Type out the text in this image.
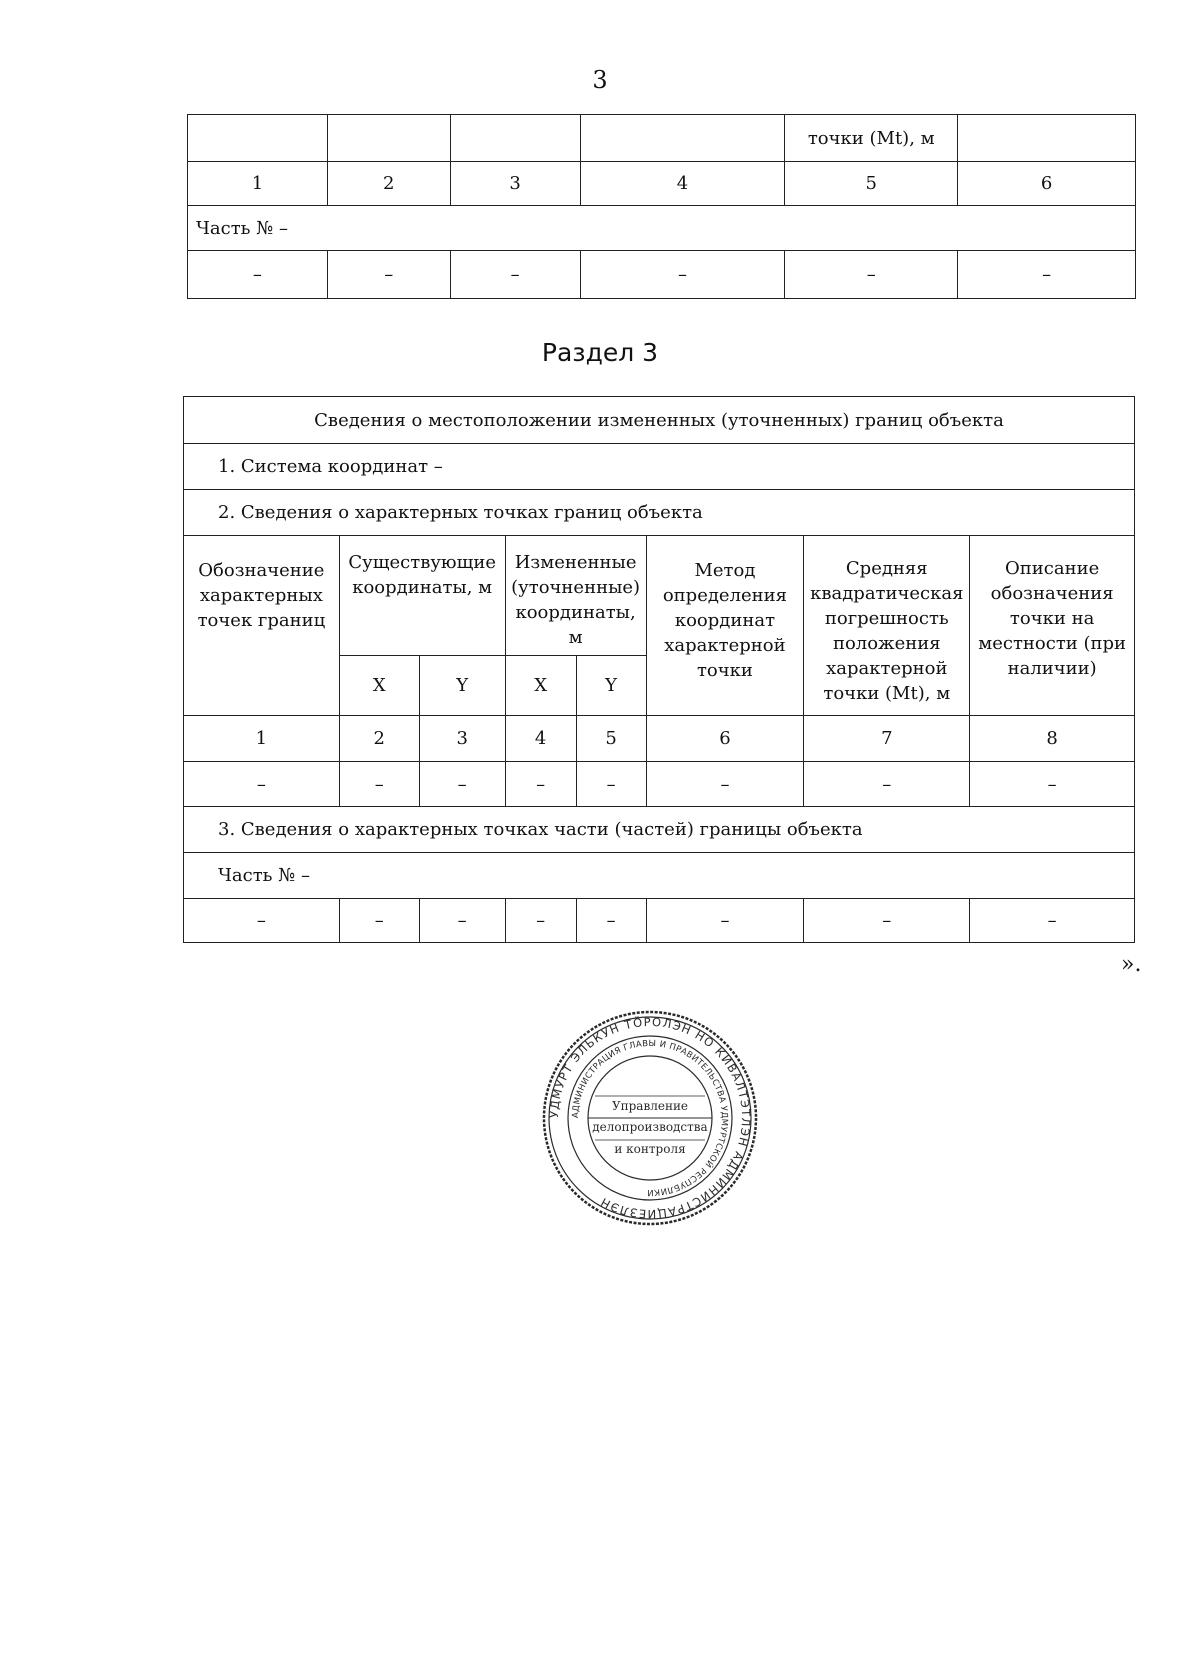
3
				точки (Mt), м	
1	2	3	4	5	6
Часть № –					
–	–	–	–	–	–
Раздел 3
Сведения о местоположении измененных (уточненных) границ объекта							
1. Система координат –							
2. Сведения о характерных точках границ объекта							
Обозначение характерных точек границ	Существующие координаты, м		Измененные (уточненные) координаты, м		Метод определения координат характерной точки	Средняя квадратическая погрешность положения характерной точки (Mt), м	Описание обозначения точки на местности (при наличии)
	X	Y	X	Y			
1	2	3	4	5	6	7	8
–	–	–	–	–	–	–	–
3. Сведения о характерных точках части (частей) границы объекта							
Часть № –							
–	–	–	–	–	–	–	–
».
УДМУРТ ЭЛЬКУН ТӦРОЛЭН НО КИВАЛТЭТЛЭН АДМИНИСТРАЦИЕЗЛЭН
АДМИНИСТРАЦИЯ ГЛАВЫ И ПРАВИТЕЛЬСТВА УДМУРТСКОЙ РЕСПУБЛИКИ
Управление
делопроизводства
и контроля
